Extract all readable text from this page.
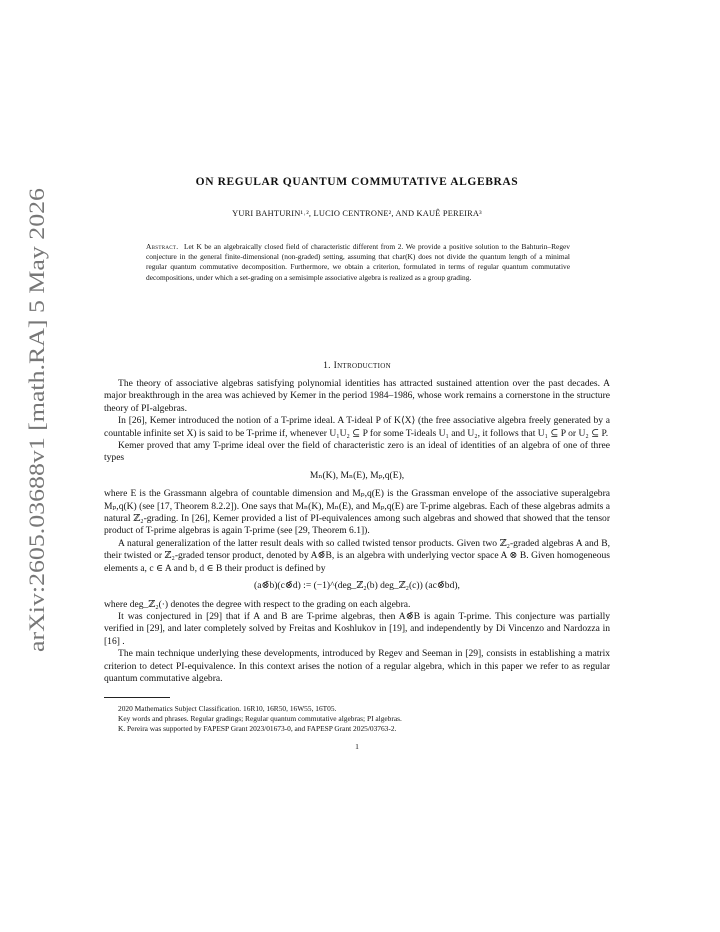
arXiv:2605.03688v1 [math.RA] 5 May 2026
ON REGULAR QUANTUM COMMUTATIVE ALGEBRAS
YURI BAHTURIN¹˒², LUCIO CENTRONE², AND KAUÊ PEREIRA³
Abstract. Let K be an algebraically closed field of characteristic different from 2. We provide a positive solution to the Bahturin–Regev conjecture in the general finite-dimensional (non-graded) setting, assuming that char(K) does not divide the quantum length of a minimal regular quantum commutative decomposition. Furthermore, we obtain a criterion, formulated in terms of regular quantum commutative decompositions, under which a set-grading on a semisimple associative algebra is realized as a group grading.
1. Introduction

The theory of associative algebras satisfying polynomial identities has attracted sustained attention over the past decades. A major breakthrough in the area was achieved by Kemer in the period 1984–1986, whose work remains a cornerstone in the structure theory of PI-algebras.

In [26], Kemer introduced the notion of a T-prime ideal. A T-ideal P of K⟨X⟩ (the free associative algebra freely generated by a countable infinite set X) is said to be T-prime if, whenever U₁U₂ ⊆ P for some T-ideals U₁ and U₂, it follows that U₁ ⊆ P or U₂ ⊆ P.

Kemer proved that amy T-prime ideal over the field of characteristic zero is an ideal of identities of an algebra of one of three types

Mₙ(K), Mₙ(E), Mₚ,q(E),

where E is the Grassmann algebra of countable dimension and Mₚ,q(E) is the Grassman envelope of the associative superalgebra Mₚ,q(K) (see [17, Theorem 8.2.2]). One says that Mₙ(K), Mₙ(E), and Mₚ,q(E) are T-prime algebras. Each of these algebras admits a natural ℤ₂-grading. In [26], Kemer provided a list of PI-equivalences among such algebras and showed that showed that the tensor product of T-prime algebras is again T-prime (see [29, Theorem 6.1]).

A natural generalization of the latter result deals with so called twisted tensor products. Given two ℤ₂-graded algebras A and B, their twisted or ℤ₂-graded tensor product, denoted by A⊗̄B, is an algebra with underlying vector space A ⊗ B. Given homogeneous elements a, c ∈ A and b, d ∈ B their product is defined by

(a⊗̄b)(c⊗̄d) := (−1)^(deg_ℤ₂(b) deg_ℤ₂(c)) (ac⊗̄bd),

where deg_ℤ₂(·) denotes the degree with respect to the grading on each algebra.

It was conjectured in [29] that if A and B are T-prime algebras, then A⊗̄B is again T-prime. This conjecture was partially verified in [29], and later completely solved by Freitas and Koshlukov in [19], and independently by Di Vincenzo and Nardozza in [16] .

The main technique underlying these developments, introduced by Regev and Seeman in [29], consists in establishing a matrix criterion to detect PI-equivalence. In this context arises the notion of a regular algebra, which in this paper we refer to as regular quantum commutative algebra.

2020 Mathematics Subject Classification. 16R10, 16R50, 16W55, 16T05.
Key words and phrases. Regular gradings; Regular quantum commutative algebras; PI algebras.
K. Pereira was supported by FAPESP Grant 2023/01673-0, and FAPESP Grant 2025/03763-2.
1
